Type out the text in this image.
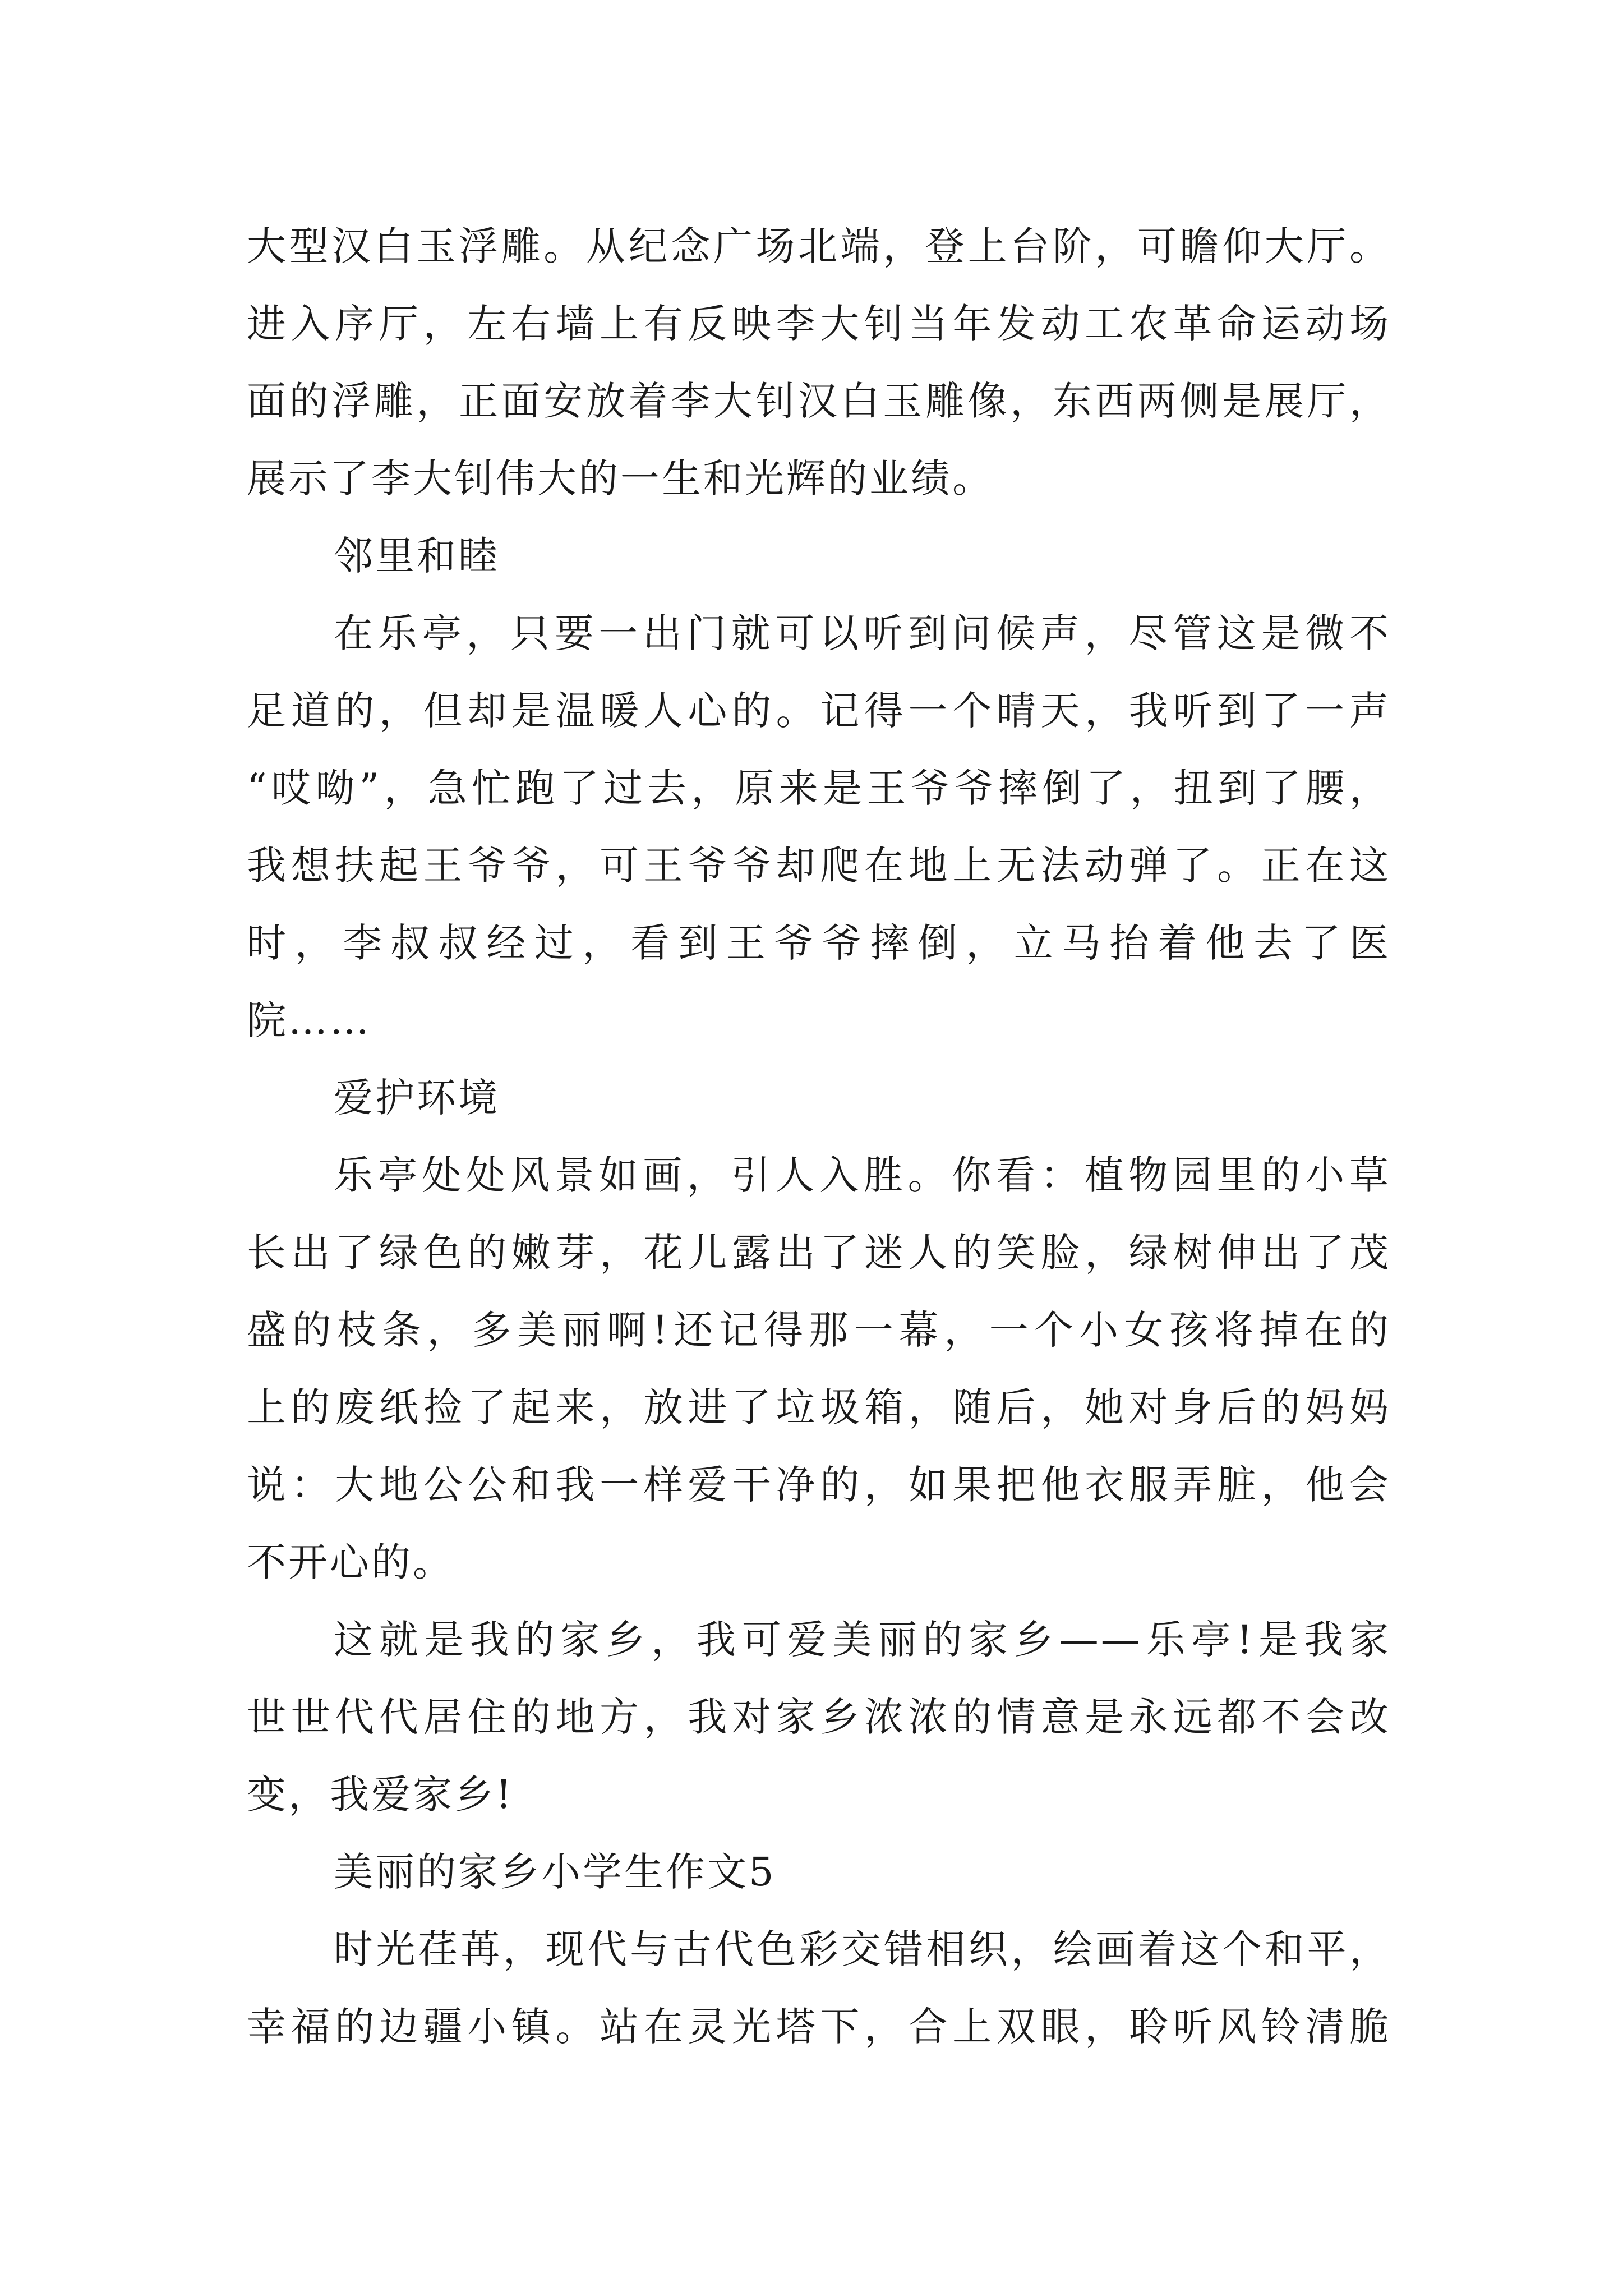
大型汉白玉浮雕。从纪念广场北端，登上台阶，可瞻仰大厅。
进入序厅，左右墙上有反映李大钊当年发动工农革命运动场
面的浮雕，正面安放着李大钊汉白玉雕像，东西两侧是展厅，
展示了李大钊伟大的一生和光辉的业绩。
邻里和睦
在乐亭，只要一出门就可以听到问候声，尽管这是微不
足道的，但却是温暖人心的。记得一个晴天，我听到了一声
“哎呦”，急忙跑了过去，原来是王爷爷摔倒了，扭到了腰，
我想扶起王爷爷，可王爷爷却爬在地上无法动弹了。正在这
时，李叔叔经过，看到王爷爷摔倒，立马抬着他去了医
院……
爱护环境
乐亭处处风景如画，引人入胜。你看：植物园里的小草
长出了绿色的嫩芽，花儿露出了迷人的笑脸，绿树伸出了茂
盛的枝条，多美丽啊!还记得那一幕，一个小女孩将掉在的
上的废纸捡了起来，放进了垃圾箱，随后，她对身后的妈妈
说：大地公公和我一样爱干净的，如果把他衣服弄脏，他会
不开心的。
这就是我的家乡，我可爱美丽的家乡——乐亭!是我家
世世代代居住的地方，我对家乡浓浓的情意是永远都不会改
变，我爱家乡!
美丽的家乡小学生作文5
时光荏苒，现代与古代色彩交错相织，绘画着这个和平，
幸福的边疆小镇。站在灵光塔下，合上双眼，聆听风铃清脆
